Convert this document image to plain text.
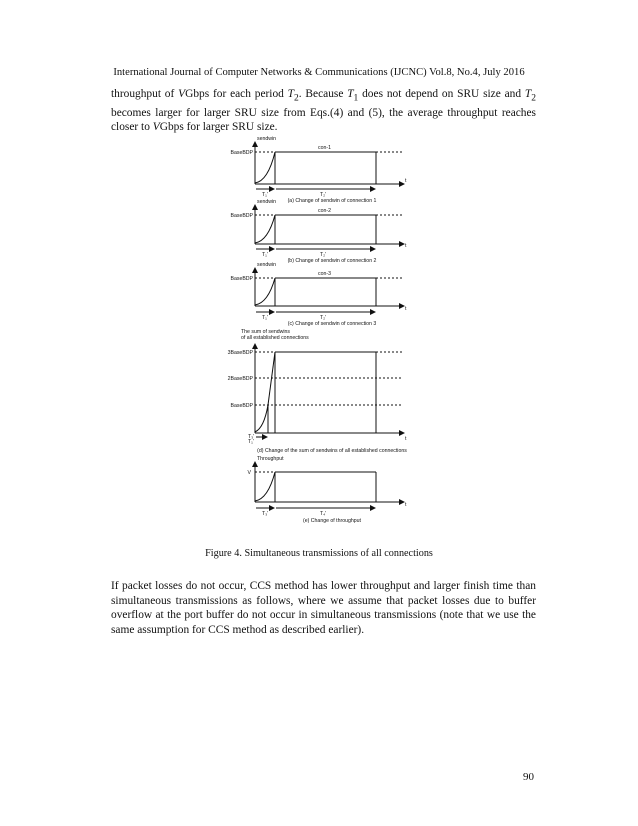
International Journal of Computer Networks & Communications (IJCNC) Vol.8, No.4, July 2016
throughput of VGbps for each period $T_2$. Because $T_1$ does not depend on SRU size and $T_2$ becomes larger for larger SRU size from Eqs.(4) and (5), the average throughput reaches closer to VGbps for larger SRU size.
sendwin
BaseBDP
con-1
t
T₁'	T₂'
(a) Change of sendwin of connection 1
sendwin
BaseBDP
con-2
t
T₁'	T₂'
(b) Change of sendwin of connection 2
sendwin
BaseBDP
con-3
t
T₁'	T₂'
(c) Change of sendwin of connection 3
The sum of sendwins
of all established connections
3BaseBDP
2BaseBDP
BaseBDP
t
T₃'
T₁'
(d) Change of the sum of sendwins of all established connections
Throughput
V
t
T₃'	T₄'
(e) Change of throughput
Figure 4. Simultaneous transmissions of all connections
If packet losses do not occur, CCS method has lower throughput and larger finish time than simultaneous transmissions as follows, where we assume that packet losses due to buffer overflow at the port buffer do not occur in simultaneous transmissions (note that we use the same assumption for CCS method as described earlier).
90
